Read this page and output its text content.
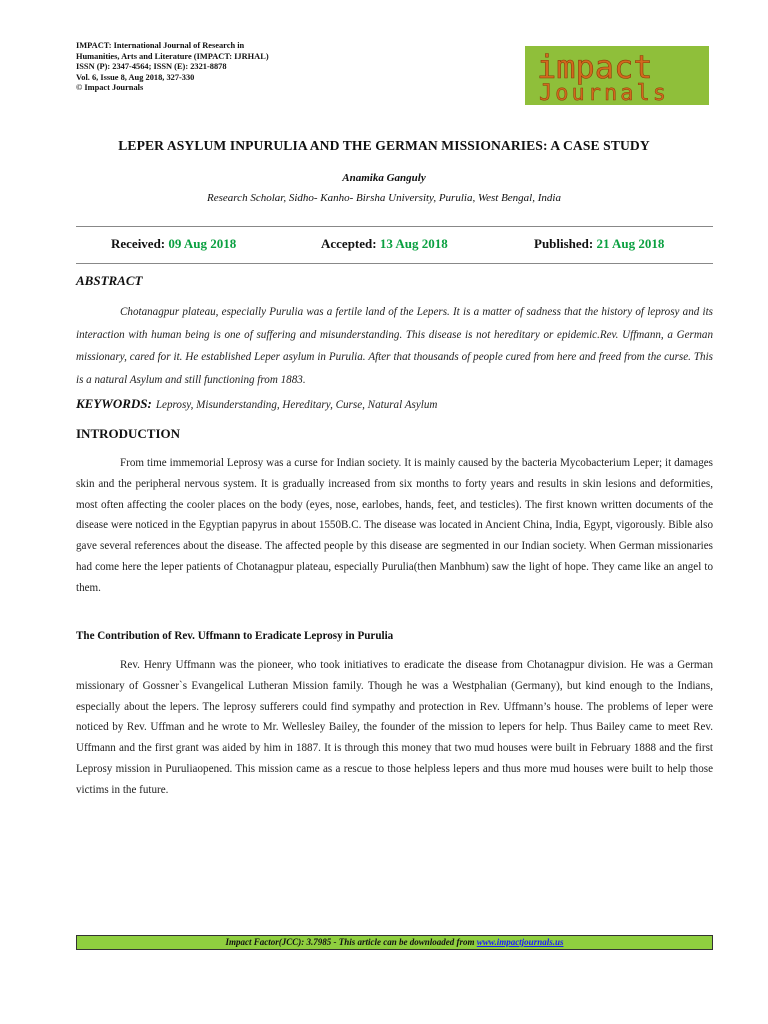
IMPACT: International Journal of Research in
Humanities, Arts and Literature (IMPACT: IJRHAL)
ISSN (P): 2347-4564; ISSN (E): 2321-8878
Vol. 6, Issue 8, Aug 2018, 327-330
© Impact Journals
impact
Journals
LEPER ASYLUM INPURULIA AND THE GERMAN MISSIONARIES: A CASE STUDY
Anamika Ganguly
Research Scholar, Sidho- Kanho- Birsha University, Purulia, West Bengal, India
Received: 09 Aug 2018	Accepted: 13 Aug 2018	Published: 21 Aug 2018
ABSTRACT
Chotanagpur plateau, especially Purulia was a fertile land of the Lepers. It is a matter of sadness that the history of leprosy and its interaction with human being is one of suffering and misunderstanding. This disease is not hereditary or epidemic.Rev. Uffmann, a German missionary, cared for it. He established Leper asylum in Purulia. After that thousands of people cured from here and freed from the curse. This is a natural Asylum and still functioning from 1883.
KEYWORDS: Leprosy, Misunderstanding, Hereditary, Curse, Natural Asylum
INTRODUCTION
From time immemorial Leprosy was a curse for Indian society. It is mainly caused by the bacteria Mycobacterium Leper; it damages skin and the peripheral nervous system. It is gradually increased from six months to forty years and results in skin lesions and deformities, most often affecting the cooler places on the body (eyes, nose, earlobes, hands, feet, and testicles). The first known written documents of the disease were noticed in the Egyptian papyrus in about 1550B.C. The disease was located in Ancient China, India, Egypt, vigorously. Bible also gave several references about the disease. The affected people by this disease are segmented in our Indian society. When German missionaries had come here the leper patients of Chotanagpur plateau, especially Purulia(then Manbhum) saw the light of hope. They came like an angel to them.
The Contribution of Rev. Uffmann to Eradicate Leprosy in Purulia
Rev. Henry Uffmann was the pioneer, who took initiatives to eradicate the disease from Chotanagpur division. He was a German missionary of Gossner`s Evangelical Lutheran Mission family. Though he was a Westphalian (Germany), but kind enough to the Indians, especially about the lepers. The leprosy sufferers could find sympathy and protection in Rev. Uffmann’s house. The problems of leper were noticed by Rev. Uffman and he wrote to Mr. Wellesley Bailey, the founder of the mission to lepers for help. Thus Bailey came to meet Rev. Uffmann and the first grant was aided by him in 1887. It is through this money that two mud houses were built in February 1888 and the first Leprosy mission in Puruliaopened. This mission came as a rescue to those helpless lepers and thus more mud houses were built to help those victims in the future.
Impact Factor(JCC): 3.7985 - This article can be downloaded from www.impactjournals.us
